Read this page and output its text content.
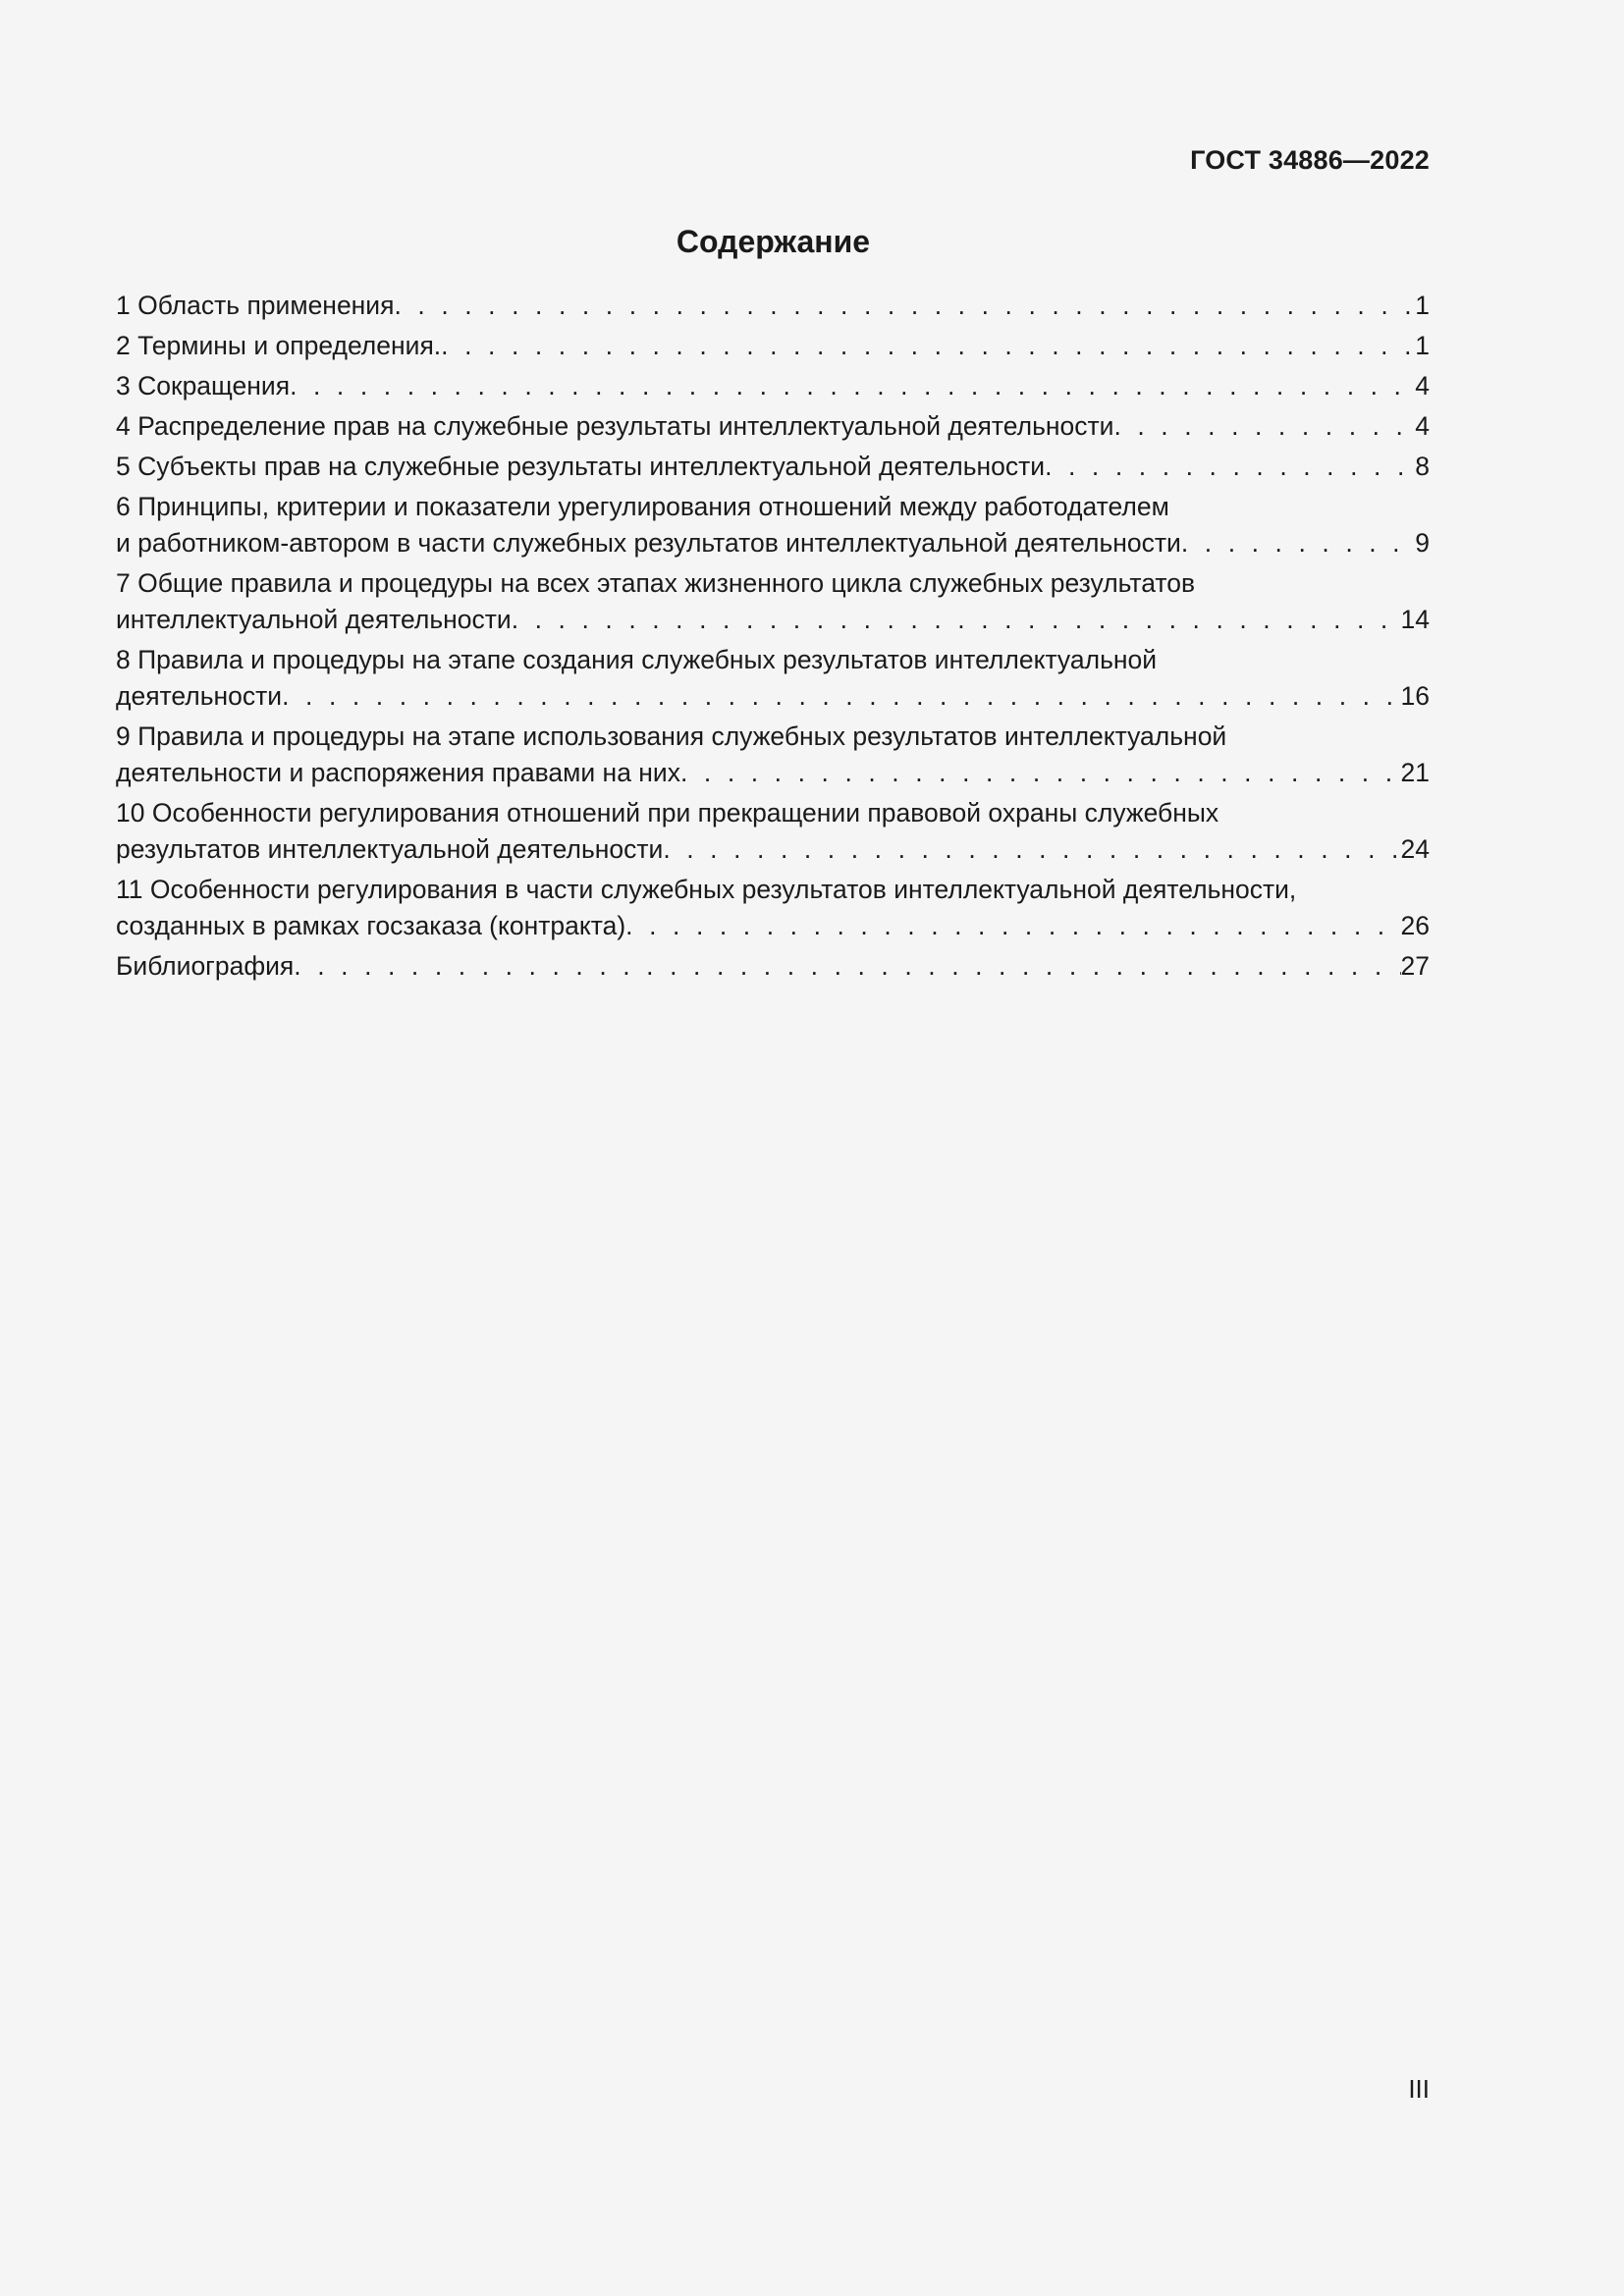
ГОСТ 34886—2022
Содержание
1 Область применения . . .	1
2 Термины и определения. . . .	1
3 Сокращения . . .	4
4 Распределение прав на служебные результаты интеллектуальной деятельности . . .	4
5 Субъекты прав на служебные результаты интеллектуальной деятельности . . .	8
6 Принципы, критерии и показатели урегулирования отношений между работодателем
и работником-автором в части служебных результатов интеллектуальной деятельности . . .	9
7 Общие правила и процедуры на всех этапах жизненного цикла служебных результатов
интеллектуальной деятельности . . .	14
8 Правила и процедуры на этапе создания служебных результатов интеллектуальной
деятельности . . .	16
9 Правила и процедуры на этапе использования служебных результатов интеллектуальной
деятельности и распоряжения правами на них . . .	21
10 Особенности регулирования отношений при прекращении правовой охраны служебных
результатов интеллектуальной деятельности . . .	24
11 Особенности регулирования в части служебных результатов интеллектуальной деятельности,
созданных в рамках госзаказа (контракта) . . .	26
Библиография . . .	27
III
